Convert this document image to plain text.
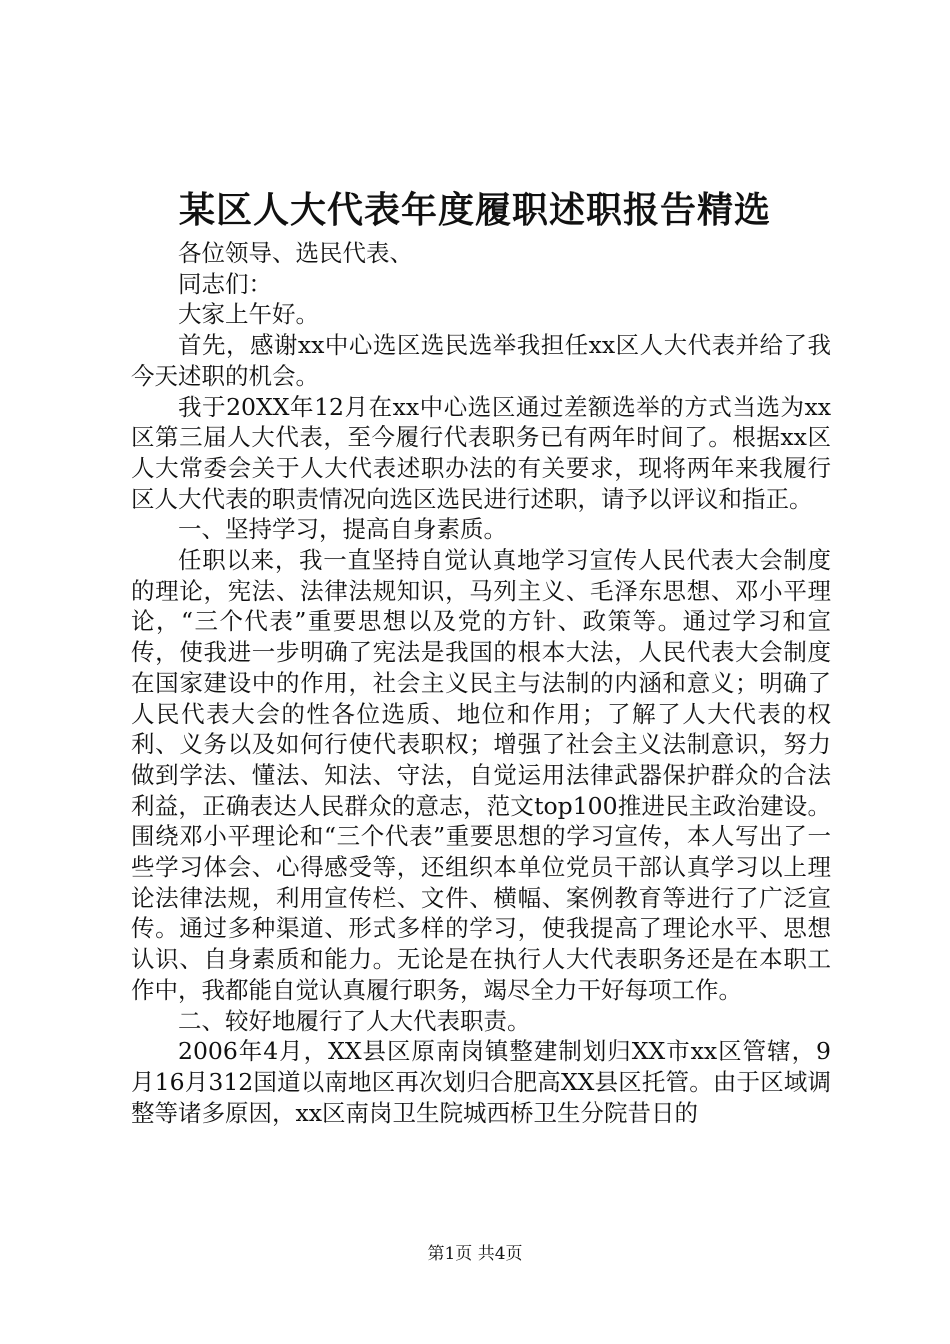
某区人大代表年度履职述职报告精选

各位领导、选民代表、

同志们：

大家上午好。

首先，感谢xx中心选区选民选举我担任xx区人大代表并给了我今天述职的机会。

我于20XX年12月在xx中心选区通过差额选举的方式当选为xx区第三届人大代表，至今履行代表职务已有两年时间了。根据xx区人大常委会关于人大代表述职办法的有关要求，现将两年来我履行区人大代表的职责情况向选区选民进行述职，请予以评议和指正。

一、坚持学习，提高自身素质。

任职以来，我一直坚持自觉认真地学习宣传人民代表大会制度的理论，宪法、法律法规知识，马列主义、毛泽东思想、邓小平理论，“三个代表”重要思想以及党的方针、政策等。通过学习和宣传，使我进一步明确了宪法是我国的根本大法，人民代表大会制度在国家建设中的作用，社会主义民主与法制的内涵和意义；明确了人民代表大会的性各位选质、地位和作用；了解了人大代表的权利、义务以及如何行使代表职权；增强了社会主义法制意识，努力做到学法、懂法、知法、守法，自觉运用法律武器保护群众的合法利益，正确表达人民群众的意志，范文top100推进民主政治建设。围绕邓小平理论和“三个代表”重要思想的学习宣传，本人写出了一些学习体会、心得感受等，还组织本单位党员干部认真学习以上理论法律法规，利用宣传栏、文件、横幅、案例教育等进行了广泛宣传。通过多种渠道、形式多样的学习，使我提高了理论水平、思想认识、自身素质和能力。无论是在执行人大代表职务还是在本职工作中，我都能自觉认真履行职务，竭尽全力干好每项工作。

二、较好地履行了人大代表职责。

2006年4月，XX县区原南岗镇整建制划归XX市xx区管辖，9月16月312国道以南地区再次划归合肥高XX县区托管。由于区域调整等诸多原因，xx区南岗卫生院城西桥卫生分院昔日的

第1页 共4页
